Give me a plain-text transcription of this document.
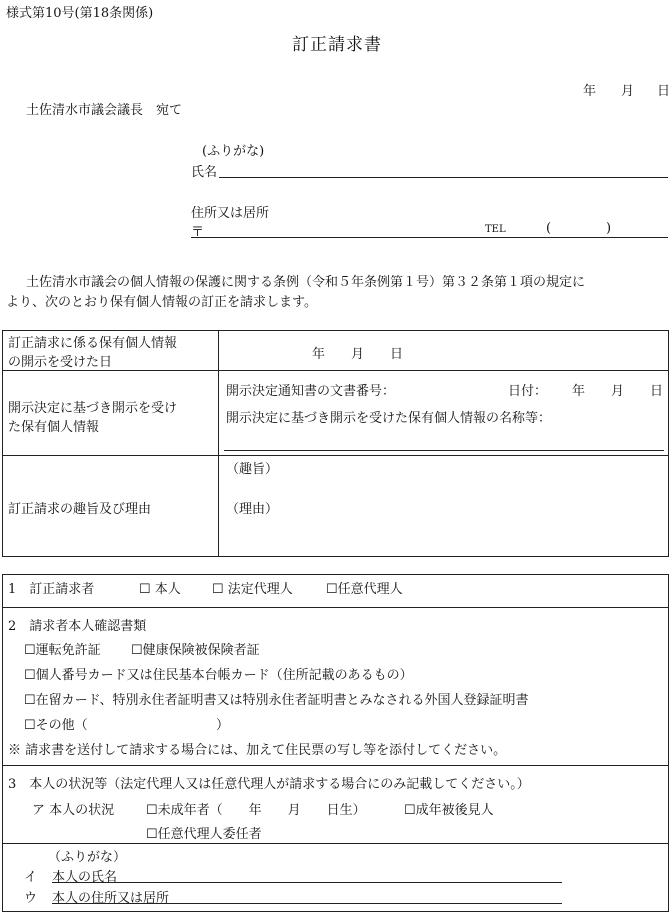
様式第10号(第18条関係)
訂正請求書
年 月 日
土佐清水市議会議長　宛て
(ふりがな)
氏名
住所又は居所
〒	TEL	(	)
土佐清水市議会の個人情報の保護に関する条例（令和５年条例第１号）第３２条第１項の規定に
より、次のとおり保有個人情報の訂正を請求します。
訂正請求に係る保有個人情報
の開示を受けた日
年　　月　　日
開示決定に基づき開示を受け
た保有個人情報
開示決定通知書の文書番号：	日付： 年　　月　　日
開示決定に基づき開示を受けた保有個人情報の名称等：
訂正請求の趣旨及び理由
（趣旨）
（理由）
1　訂正請求者	☐ 本人 ☐ 法定代理人	☐任意代理人
2　請求者本人確認書類
☐運転免許証 ☐健康保険被保険者証
☐個人番号カード又は住民基本台帳カード（住所記載のあるもの）
☐在留カード、特別永住者証明書又は特別永住者証明書とみなされる外国人登録証明書
☐その他（	）
※ 請求書を送付して請求する場合には、加えて住民票の写し等を添付してください。
3　本人の状況等（法定代理人又は任意代理人が請求する場合にのみ記載してください。）
ア 本人の状況 ☐未成年者（　　年　　月　　日生）	☐成年被後見人
☐任意代理人委任者
（ふりがな）
イ 本人の氏名
ウ 本人の住所又は居所
